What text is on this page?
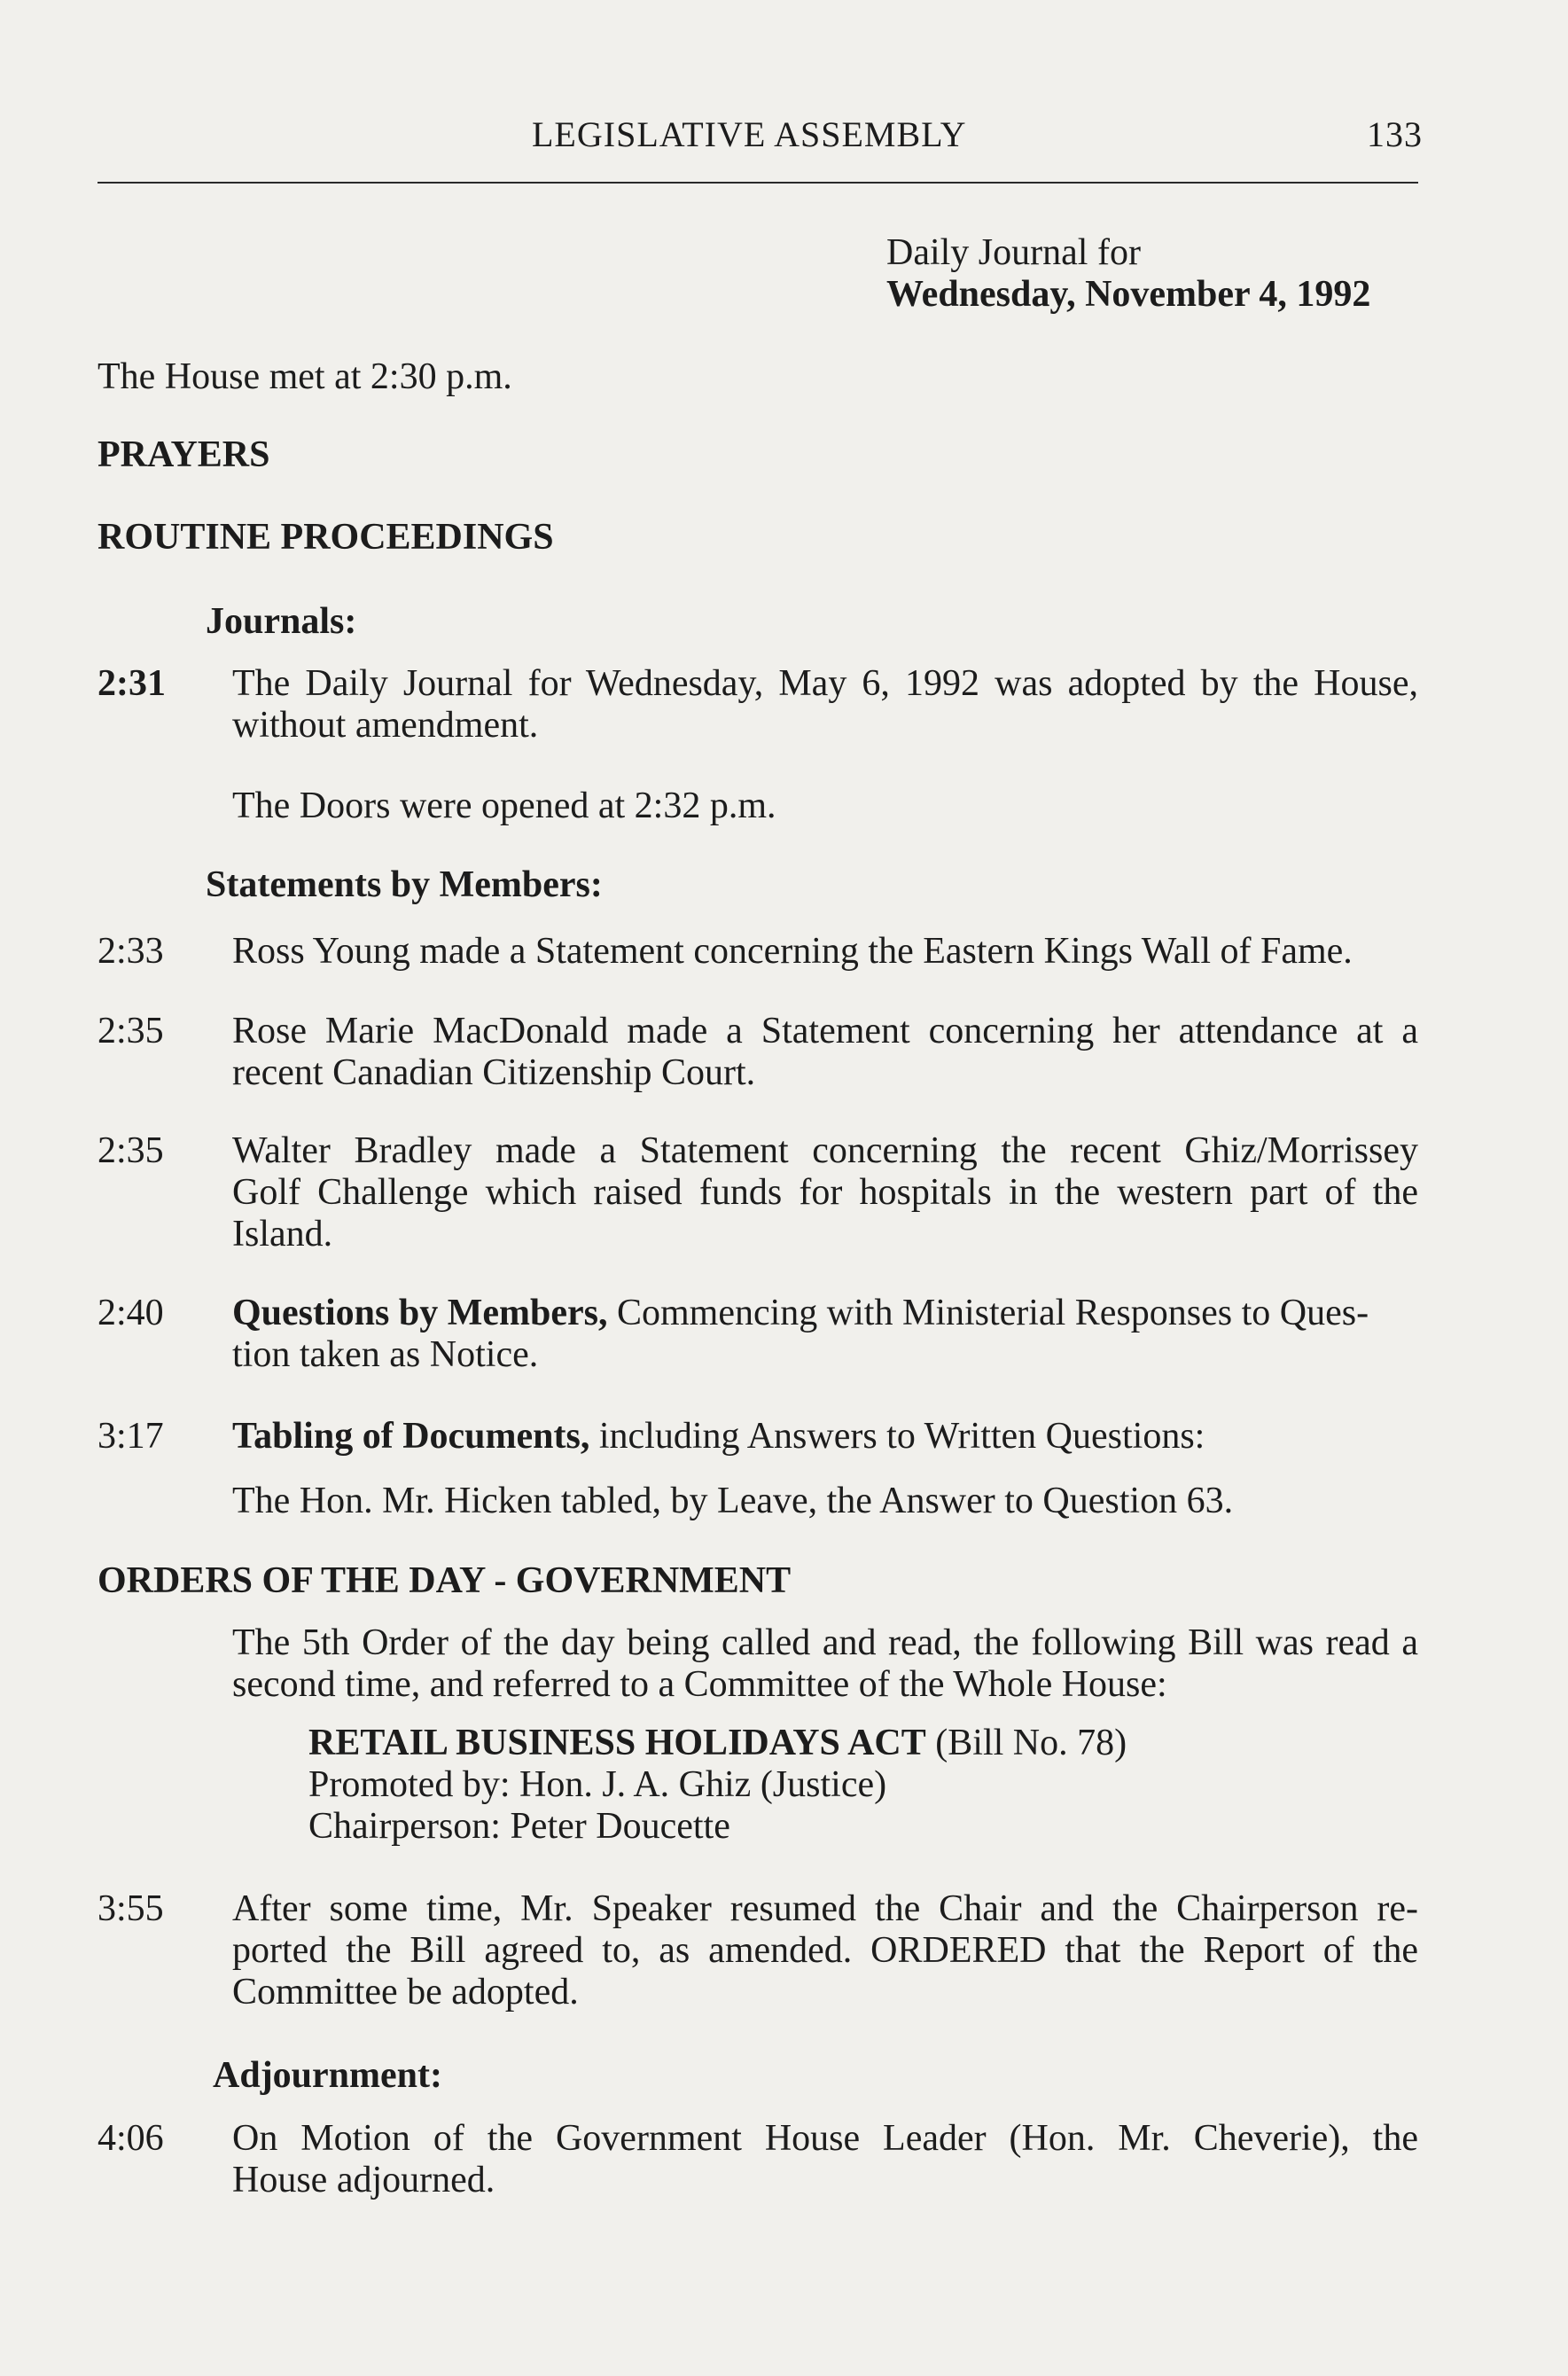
LEGISLATIVE ASSEMBLY	133
Daily Journal for
Wednesday, November 4, 1992
The House met at 2:30 p.m.
PRAYERS
ROUTINE PROCEEDINGS
Journals:
2:31	The Daily Journal for Wednesday, May 6, 1992 was adopted by the House,
without amendment.
The Doors were opened at 2:32 p.m.
Statements by Members:
2:33	Ross Young made a Statement concerning the Eastern Kings Wall of Fame.
2:35	Rose Marie MacDonald made a Statement concerning her attendance at a
recent Canadian Citizenship Court.
2:35	Walter Bradley made a Statement concerning the recent Ghiz/Morrissey
Golf Challenge which raised funds for hospitals in the western part of the
Island.
2:40	Questions by Members, Commencing with Ministerial Responses to Ques-
tion taken as Notice.
3:17	Tabling of Documents, including Answers to Written Questions:
The Hon. Mr. Hicken tabled, by Leave, the Answer to Question 63.
ORDERS OF THE DAY - GOVERNMENT
The 5th Order of the day being called and read, the following Bill was read a
second time, and referred to a Committee of the Whole House:
RETAIL BUSINESS HOLIDAYS ACT (Bill No. 78)
Promoted by: Hon. J. A. Ghiz (Justice)
Chairperson: Peter Doucette
3:55	After some time, Mr. Speaker resumed the Chair and the Chairperson re-
ported the Bill agreed to, as amended. ORDERED that the Report of the
Committee be adopted.
Adjournment:
4:06	On Motion of the Government House Leader (Hon. Mr. Cheverie), the
House adjourned.
